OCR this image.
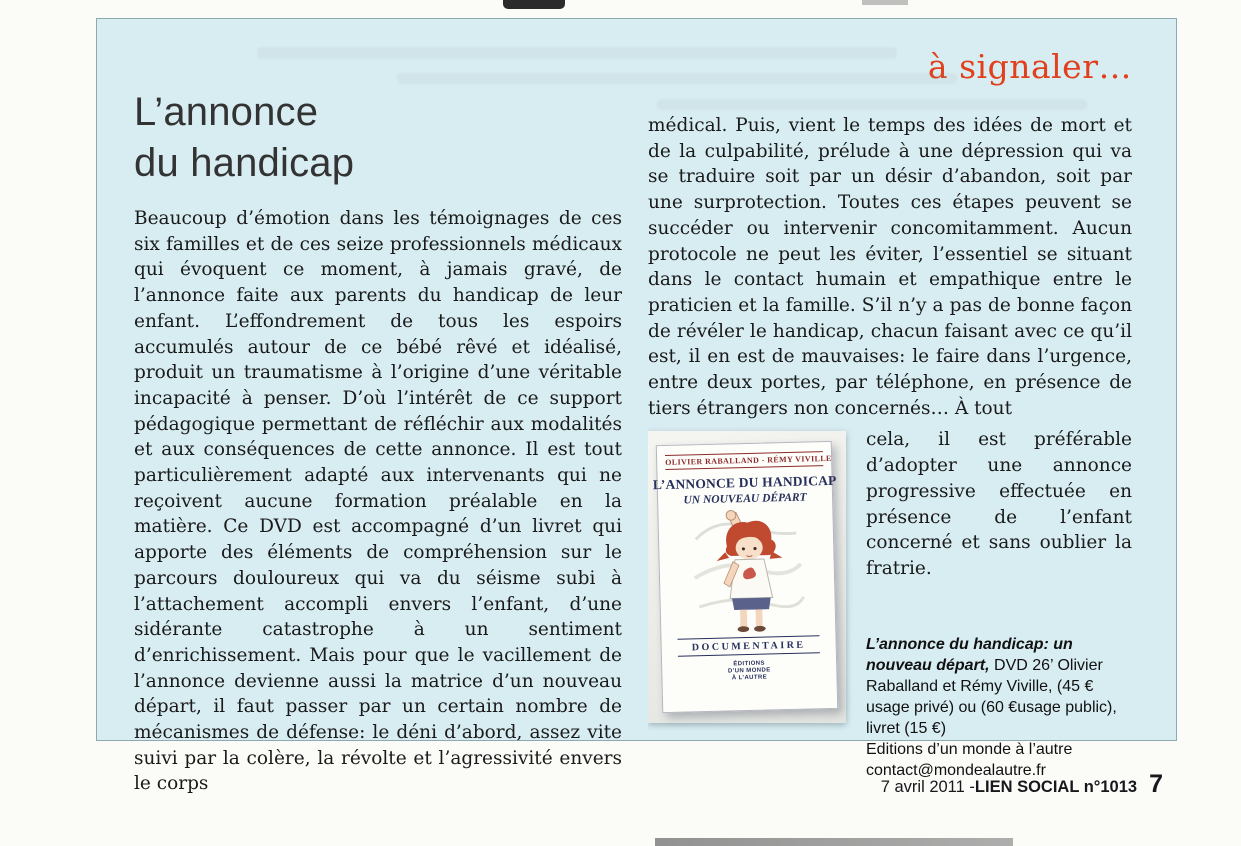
L’annonce
du handicap

Beaucoup d’émotion dans les témoignages de ces six familles et de ces seize professionnels médicaux qui évoquent ce moment, à jamais gravé, de l’annonce faite aux parents du handicap de leur enfant. L’effondrement de tous les espoirs accumulés autour de ce bébé rêvé et idéalisé, produit un traumatisme à l’origine d’une véritable incapacité à penser. D’où l’intérêt de ce support pédagogique permettant de réfléchir aux modalités et aux conséquences de cette annonce. Il est tout particulièrement adapté aux intervenants qui ne reçoivent aucune formation préalable en la matière. Ce DVD est accompagné d’un livret qui apporte des éléments de compréhension sur le parcours douloureux qui va du séisme subi à l’attachement accompli envers l’enfant, d’une sidérante catastrophe à un sentiment d’enrichissement. Mais pour que le vacillement de l’annonce devienne aussi la matrice d’un nouveau départ, il faut passer par un certain nombre de mécanismes de défense: le déni d’abord, assez vite suivi par la colère, la révolte et l’agressivité envers le corps

à signaler…

médical. Puis, vient le temps des idées de mort et de la culpabilité, prélude à une dépression qui va se traduire soit par un désir d’abandon, soit par une surprotection. Toutes ces étapes peuvent se succéder ou intervenir concomitamment. Aucun protocole ne peut les éviter, l’essentiel se situant dans le contact humain et empathique entre le praticien et la famille. S’il n’y a pas de bonne façon de révéler le handicap, chacun faisant avec ce qu’il est, il en est de mauvaises: le faire dans l’urgence, entre deux portes, par téléphone, en présence de tiers étrangers non concernés… À tout

OLIVIER RABALLAND - RÉMY VIVILLE
L’ANNONCE DU HANDICAP
UN NOUVEAU DÉPART
DOCUMENTAIRE
ÉDITIONS
D’UN MONDE
À L’AUTRE

cela, il est préférable d’adopter une annonce progressive effectuée en présence de l’enfant concerné et sans oublier la fratrie.

L’annonce du handicap: un nouveau départ, DVD 26’ Olivier Raballand et Rémy Viville, (45 € usage privé) ou (60 €usage public), livret (15 €)
Editions d’un monde à l’autre
contact@mondealautre.fr
7 avril 2011 - LIEN SOCIAL n°1013 7
